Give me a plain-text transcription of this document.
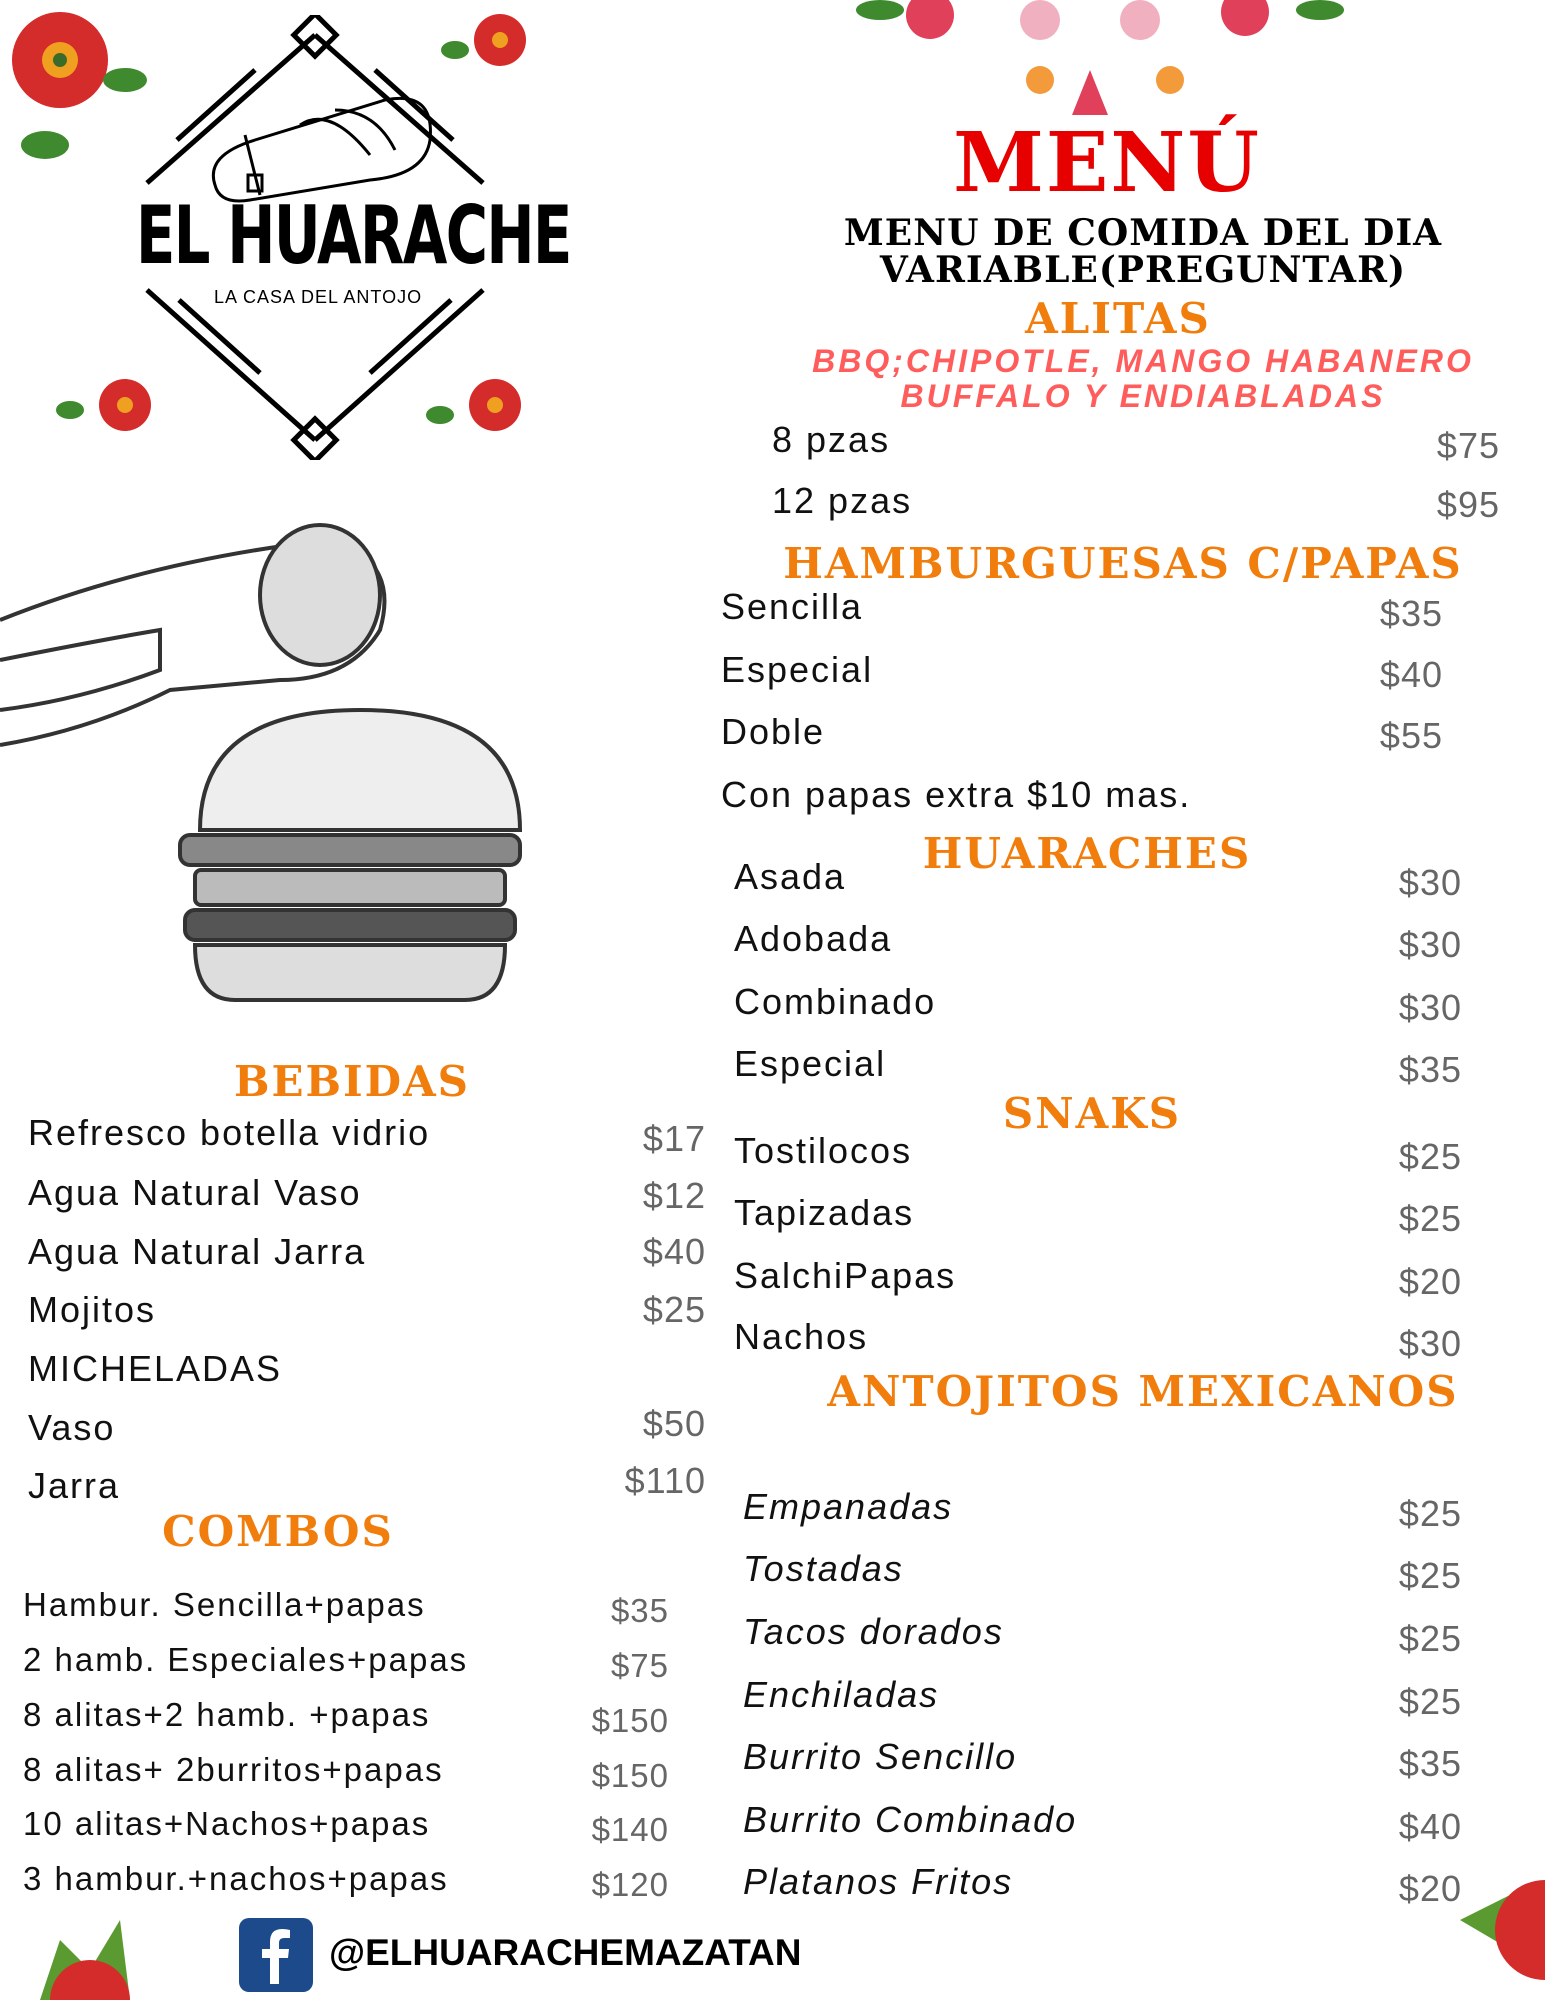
EL HUARACHE
LA CASA DEL ANTOJO
MENÚ
MENU DE COMIDA DEL DIA
VARIABLE(PREGUNTAR)
ALITAS
BBQ;CHIPOTLE, MANGO HABANERO
BUFFALO Y ENDIABLADAS
8 pzas	$75
12 pzas	$95
HAMBURGUESAS C/PAPAS
Sencilla	$35
Especial	$40
Doble	$55
Con papas extra $10 mas.
HUARACHES
Asada	$30
Adobada	$30
Combinado	$30
Especial	$35
SNAKS
Tostilocos	$25
Tapizadas	$25
SalchiPapas	$20
Nachos	$30
ANTOJITOS MEXICANOS
Empanadas	$25
Tostadas	$25
Tacos dorados	$25
Enchiladas	$25
Burrito Sencillo	$35
Burrito Combinado	$40
Platanos Fritos	$20
BEBIDAS
Refresco botella vidrio	$17
Agua Natural Vaso	$12
Agua Natural Jarra	$40
Mojitos	$25
MICHELADAS
Vaso	$50
Jarra	$110
COMBOS
Hambur. Sencilla+papas	$35
2 hamb. Especiales+papas	$75
8 alitas+2 hamb. +papas	$150
8 alitas+ 2burritos+papas	$150
10 alitas+Nachos+papas	$140
3 hambur.+nachos+papas	$120
@ELHUARACHEMAZATAN
